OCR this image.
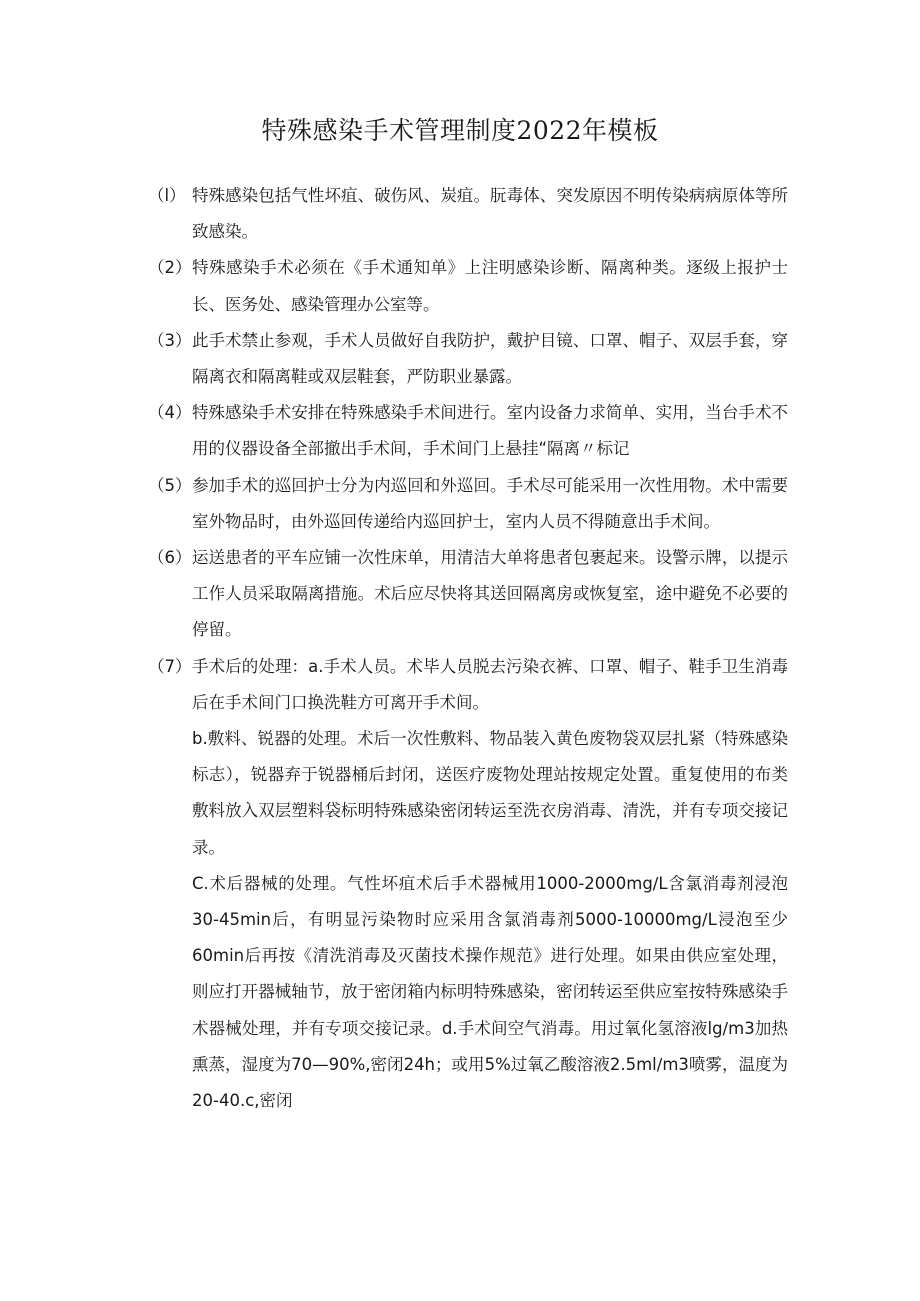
特殊感染手术管理制度2022年模板
（l） 特殊感染包括气性坏疽、破伤风、炭疽。朊毒体、突发原因不明传染病病原体等所致感染。
（2） 特殊感染手术必须在《手术通知单》上注明感染诊断、隔离种类。逐级上报护士长、医务处、感染管理办公室等。
（3） 此手术禁止参观，手术人员做好自我防护，戴护目镜、口罩、帽子、双层手套，穿隔离衣和隔离鞋或双层鞋套，严防职业暴露。
（4） 特殊感染手术安排在特殊感染手术间进行。室内设备力求简单、实用，当台手术不用的仪器设备全部撤出手术间，手术间门上悬挂“隔离〃标记
（5） 参加手术的巡回护士分为内巡回和外巡回。手术尽可能采用一次性用物。术中需要室外物品时，由外巡回传递给内巡回护士，室内人员不得随意出手术间。
（6） 运送患者的平车应铺一次性床单，用清洁大单将患者包裹起来。设警示牌，以提示工作人员采取隔离措施。术后应尽快将其送回隔离房或恢复室，途中避免不必要的停留。
（7） 手术后的处理：a.手术人员。术毕人员脱去污染衣裤、口罩、帽子、鞋手卫生消毒后在手术间门口换洗鞋方可离开手术间。
b.敷料、锐器的处理。术后一次性敷料、物品装入黄色废物袋双层扎紧（特殊感染标志），锐器弃于锐器桶后封闭，送医疗废物处理站按规定处置。重复使用的布类敷料放入双层塑料袋标明特殊感染密闭转运至洗衣房消毒、清洗，并有专项交接记录。
C.术后器械的处理。气性坏疽术后手术器械用1000-2000mg∕L含氯消毒剂浸泡30-45min后，有明显污染物时应采用含氯消毒剂5000-10000mg∕L浸泡至少60min后再按《清洗消毒及灭菌技术操作规范》进行处理。如果由供应室处理，则应打开器械轴节，放于密闭箱内标明特殊感染，密闭转运至供应室按特殊感染手术器械处理，并有专项交接记录。d.手术间空气消毒。用过氧化氢溶液lg∕m3加热熏蒸，湿度为70—90%,密闭24h；或用5%过氧乙酸溶液2.5ml∕m3喷雾，温度为20-40.c,密闭
